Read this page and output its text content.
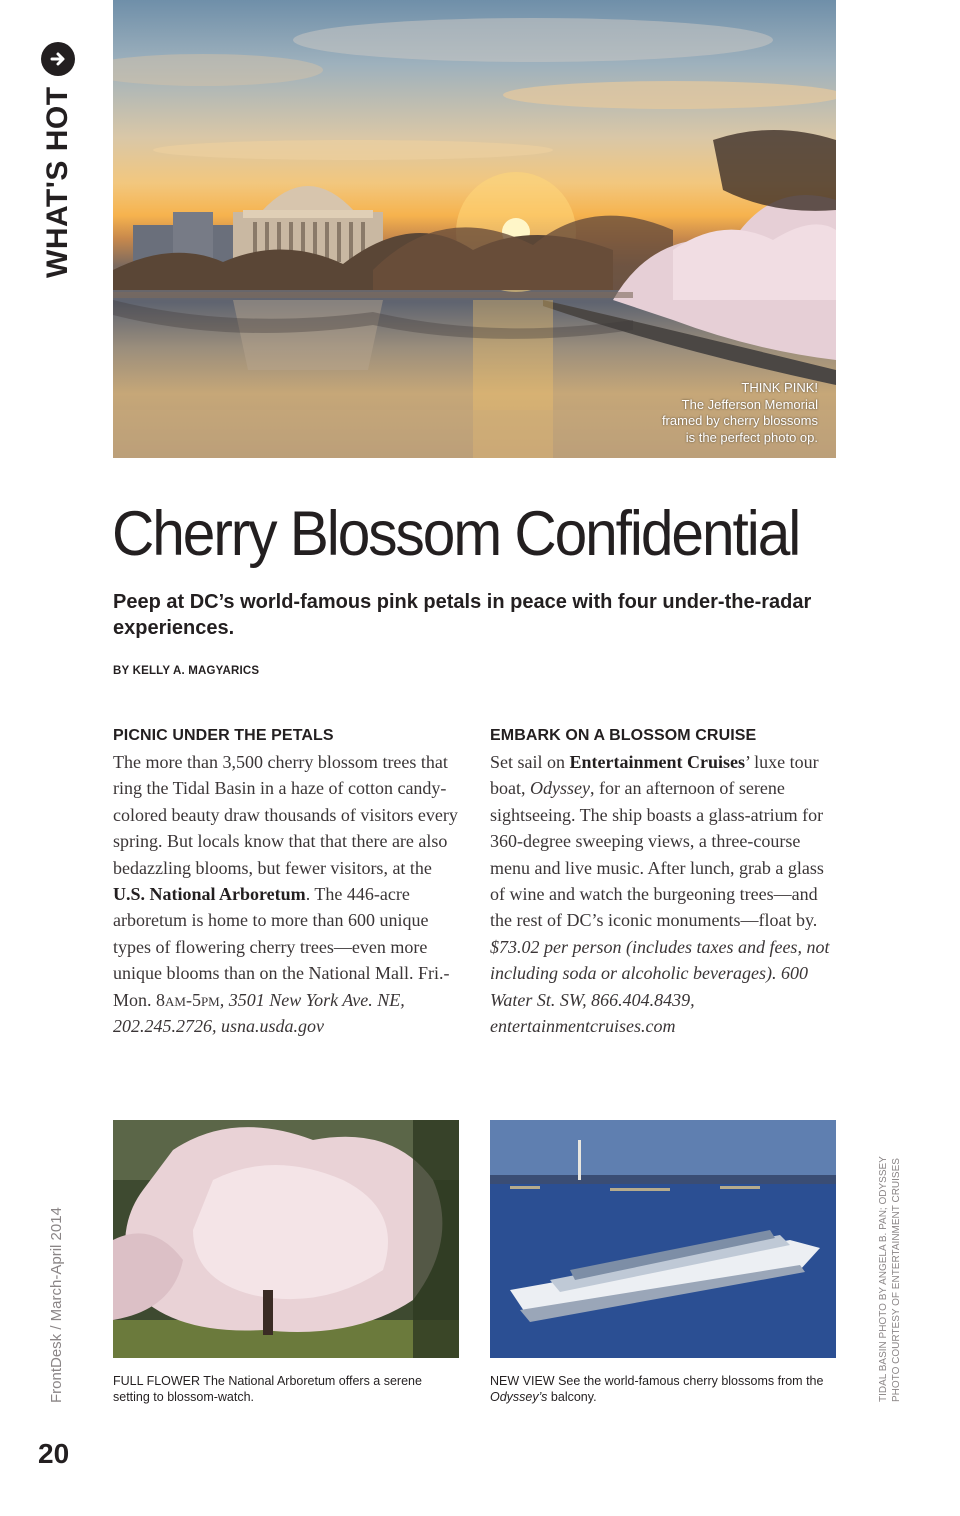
WHAT'S HOT
THINK PINK!
The Jefferson Memorial
framed by cherry blossoms
is the perfect photo op.
Cherry Blossom Confidential
Peep at DC’s world-famous pink petals in peace with four under-the-radar experiences.
BY KELLY A. MAGYARICS
PICNIC UNDER THE PETALS
The more than 3,500 cherry blossom trees that ring the Tidal Basin in a haze of cotton candy-colored beauty draw thousands of visitors every spring. But locals know that that there are also bedazzling blooms, but fewer visitors, at the U.S. National Arboretum. The 446-acre arboretum is home to more than 600 unique types of flowering cherry trees—even more unique blooms than on the National Mall. Fri.-Mon. 8am-5pm, 3501 New York Ave. NE, 202.245.2726, usna.usda.gov
EMBARK ON A BLOSSOM CRUISE
Set sail on Entertainment Cruises’ luxe tour boat, Odyssey, for an afternoon of serene sightseeing. The ship boasts a glass-atrium for 360-degree sweeping views, a three-course menu and live music. After lunch, grab a glass of wine and watch the burgeoning trees—and the rest of DC’s iconic monuments—float by. $73.02 per person (includes taxes and fees, not including soda or alcoholic beverages). 600 Water St. SW, 866.404.8439, entertainmentcruises.com
FULL FLOWER The National Arboretum offers a serene setting to blossom-watch.
NEW VIEW See the world-famous cherry blossoms from the Odyssey’s balcony.
FrontDesk / March-April 2014	TIDAL BASIN PHOTO BY ANGELA B. PAN; ODYSSEY PHOTO COURTESY OF ENTERTAINMENT CRUISES
20
